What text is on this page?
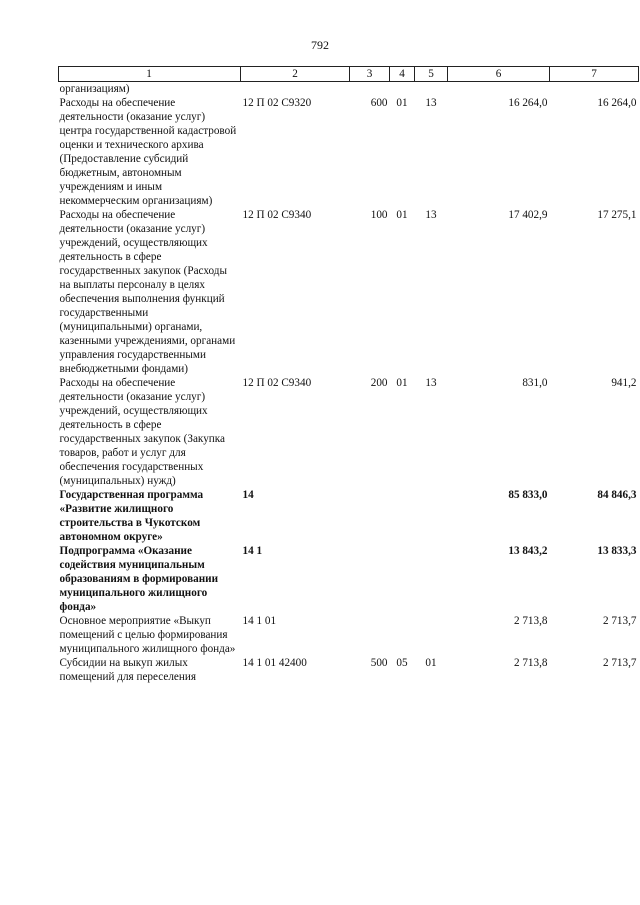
792
1	2	3	4	5	6	7
организациям)						
Расходы на обеспечение деятельности (оказание услуг) центра государственной кадастровой оценки и технического архива (Предоставление субсидий бюджетным, автономным учреждениям и иным некоммерческим организациям)	12 П 02 С9320	600	01	13	16 264,0	16 264,0
Расходы на обеспечение деятельности (оказание услуг) учреждений, осуществляющих деятельность в сфере государственных закупок (Расходы на выплаты персоналу в целях обеспечения выполнения функций государственными (муниципальными) органами, казенными учреждениями, органами управления государственными внебюджетными фондами)	12 П 02 С9340	100	01	13	17 402,9	17 275,1
Расходы на обеспечение деятельности (оказание услуг) учреждений, осуществляющих деятельность в сфере государственных закупок (Закупка товаров, работ и услуг для обеспечения государственных (муниципальных) нужд)	12 П 02 С9340	200	01	13	831,0	941,2
Государственная программа «Развитие жилищного строительства в Чукотском автономном округе»	14				85 833,0	84 846,3
Подпрограмма «Оказание содействия муниципальным образованиям в формировании муниципального жилищного фонда»	14 1				13 843,2	13 833,3
Основное мероприятие «Выкуп помещений с целью формирования муниципального жилищного фонда»	14 1 01				2 713,8	2 713,7
Субсидии на выкуп жилых помещений для переселения	14 1 01 42400	500	05	01	2 713,8	2 713,7
